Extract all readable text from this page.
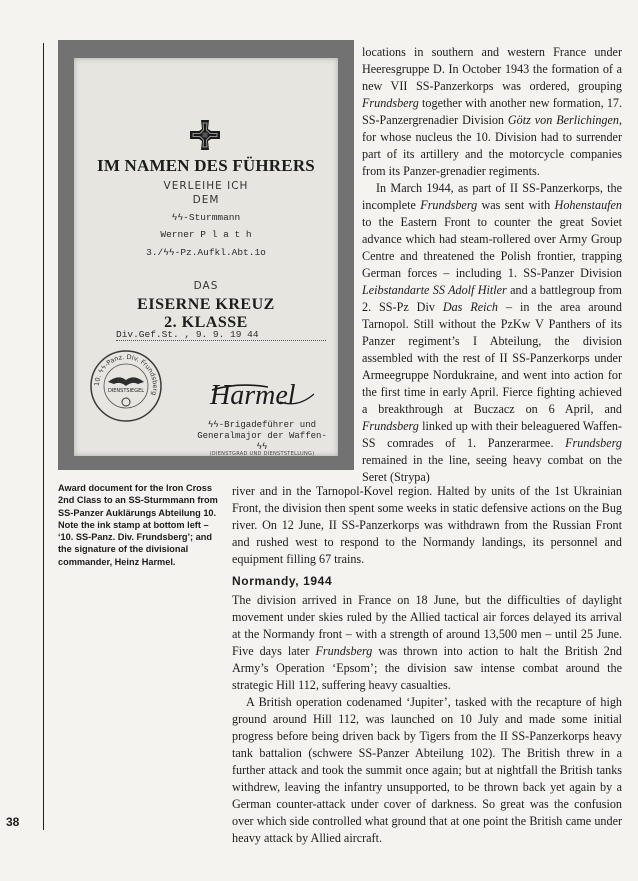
IM NAMEN DES FÜHRERS
VERLEIHE ICH
DEM
ϟϟ-Sturmmann
Werner P l a t h
3./ϟϟ-Pz.Aufkl.Abt.1o
DAS
EISERNE KREUZ
2. KLASSE
Div.Gef.St. , 9. 9. 19 44
10. ϟϟ-Panz. Div. Frundsberg
DIENSTSIEGEL Harmel
ϟϟ-Brigadeführer und
Generalmajor der Waffen-ϟϟ
(DIENSTGRAD UND DIENSTSTELLUNG)

Award document for the Iron Cross 2nd Class to an SS-Sturmmann from SS-Panzer Auklärungs Abteilung 10. Note the ink stamp at bottom left – ‘10. SS-Panz. Div. Frundsberg’; and the signature of the divisional commander, Heinz Harmel.

38

locations in southern and western France under Heeresgruppe D. In October 1943 the formation of a new VII SS-Panzerkorps was ordered, grouping Frundsberg together with another new formation, 17. SS-Panzergrenadier Division Götz von Berlichingen, for whose nucleus the 10. Division had to surrender part of its artillery and the motorcycle companies from its Panzer-grenadier regiments.

In March 1944, as part of II SS-Panzerkorps, the incomplete Frundsberg was sent with Hohenstaufen to the Eastern Front to counter the great Soviet advance which had steam-rollered over Army Group Centre and threatened the Polish frontier, trapping German forces – including 1. SS-Panzer Division Leibstandarte SS Adolf Hitler and a battlegroup from 2. SS-Pz Div Das Reich – in the area around Tarnopol. Still without the PzKw V Panthers of its Panzer regiment’s I Abteilung, the division assembled with the rest of II SS-Panzerkorps under Armeegruppe Nordukraine, and went into action for the first time in early April. Fierce fighting achieved a breakthrough at Buczacz on 6 April, and Frundsberg linked up with their beleaguered Waffen-SS comrades of 1. Panzerarmee. Frundsberg remained in the line, seeing heavy combat on the Seret (Strypa)

river and in the Tarnopol-Kovel region. Halted by units of the 1st Ukrainian Front, the division then spent some weeks in static defensive actions on the Bug river. On 12 June, II SS-Panzerkorps was withdrawn from the Russian Front and rushed west to respond to the Normandy landings, its personnel and equipment filling 67 trains.

Normandy, 1944

The division arrived in France on 18 June, but the difficulties of daylight movement under skies ruled by the Allied tactical air forces delayed its arrival at the Normandy front – with a strength of around 13,500 men – until 25 June. Five days later Frundsberg was thrown into action to halt the British 2nd Army’s Operation ‘Epsom’; the division saw intense combat around the strategic Hill 112, suffering heavy casualties.

A British operation codenamed ‘Jupiter’, tasked with the recapture of high ground around Hill 112, was launched on 10 July and made some initial progress before being driven back by Tigers from the II SS-Panzerkorps heavy tank battalion (schwere SS-Panzer Abteilung 102). The British threw in a further attack and took the summit once again; but at nightfall the British tanks withdrew, leaving the infantry unsupported, to be thrown back yet again by a German counter-attack under cover of darkness. So great was the confusion over which side controlled what ground that at one point the British came under heavy attack by Allied aircraft.
